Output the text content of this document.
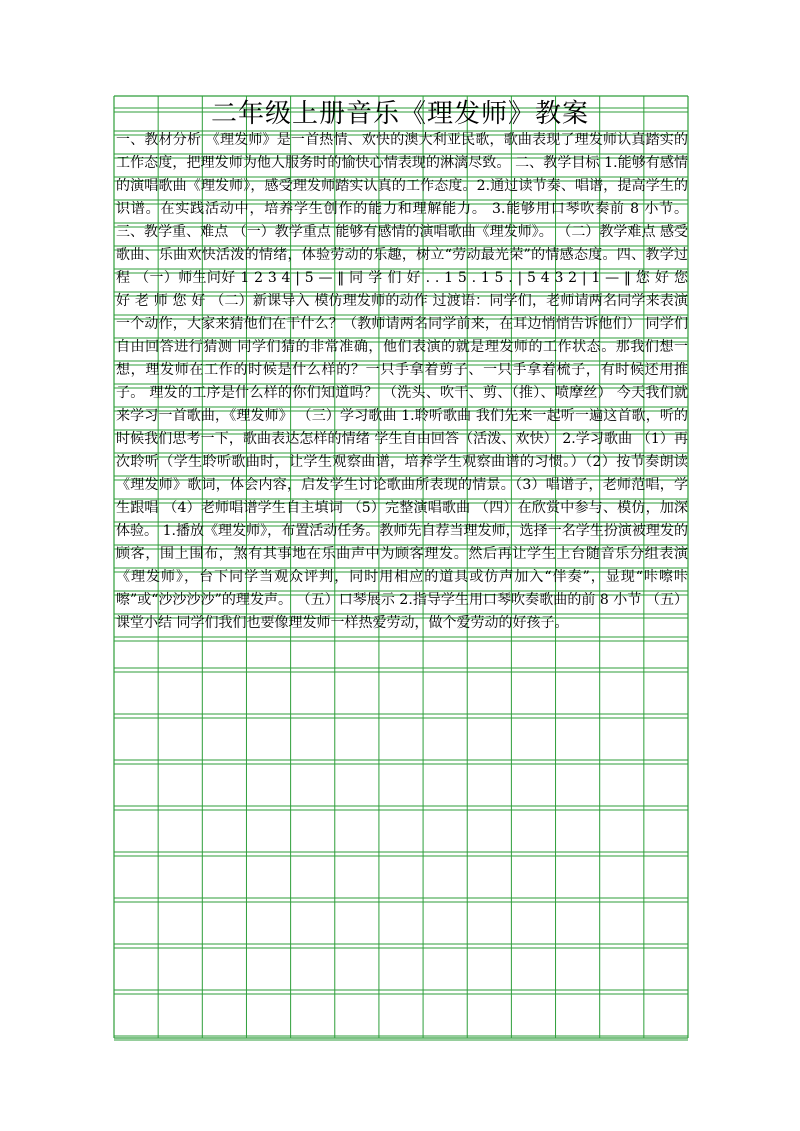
二年级上册音乐《理发师》教案

一、教材分析 《理发师》是一首热情、欢快的澳大利亚民歌，歌曲表现了理发师认真踏实的工作态度，把理发师为他人服务时的愉快心情表现的淋漓尽致。 二、教学目标 1.能够有感情的演唱歌曲《理发师》，感受理发师踏实认真的工作态度。2.通过读节奏、唱谱，提高学生的识谱。在实践活动中，培养学生创作的能力和理解能力。 3.能够用口琴吹奏前 8 小节。 三、教学重、难点 （一）教学重点 能够有感情的演唱歌曲《理发师》。 （二）教学难点 感受歌曲、乐曲欢快活泼的情绪，体验劳动的乐趣，树立“劳动最光荣”的情感态度。四、教学过程 （一）师生问好 1 2 3 4 | 5 — ‖ 同 学 们 好 . . 1 5 . 1 5 . | 5 4 3 2 | 1 — ‖ 您 好 您 好 老 师 您 好 （二）新课导入 模仿理发师的动作 过渡语：同学们，老师请两名同学来表演一个动作，大家来猜他们在干什么？（教师请两名同学前来，在耳边悄悄告诉他们） 同学们自由回答进行猜测 同学们猜的非常准确，他们表演的就是理发师的工作状态。那我们想一想，理发师在工作的时候是什么样的？一只手拿着剪子、一只手拿着梳子，有时候还用推子。 理发的工序是什么样的你们知道吗？ （洗头、吹干、剪、（推）、喷摩丝） 今天我们就来学习一首歌曲，《理发师》 （三）学习歌曲 1.聆听歌曲 我们先来一起听一遍这首歌，听的时候我们思考一下，歌曲表达怎样的情绪 学生自由回答（活泼、欢快） 2.学习歌曲 （1）再次聆听（学生聆听歌曲时，让学生观察曲谱，培养学生观察曲谱的习惯。）（2）按节奏朗读《理发师》歌词，体会内容，启发学生讨论歌曲所表现的情景。（3）唱谱子，老师范唱，学生跟唱 （4）老师唱谱学生自主填词 （5）完整演唱歌曲 （四）在欣赏中参与、模仿，加深体验。 1.播放《理发师》，布置活动任务。教师先自荐当理发师，选择一名学生扮演被理发的顾客，围上围布，煞有其事地在乐曲声中为顾客理发。然后再让学生上台随音乐分组表演《理发师》，台下同学当观众评判，同时用相应的道具或仿声加入“伴奏”，显现“咔嚓咔嚓”或“沙沙沙沙”的理发声。 （五）口琴展示 2.指导学生用口琴吹奏歌曲的前 8 小节 （五）课堂小结 同学们我们也要像理发师一样热爱劳动，做个爱劳动的好孩子。
